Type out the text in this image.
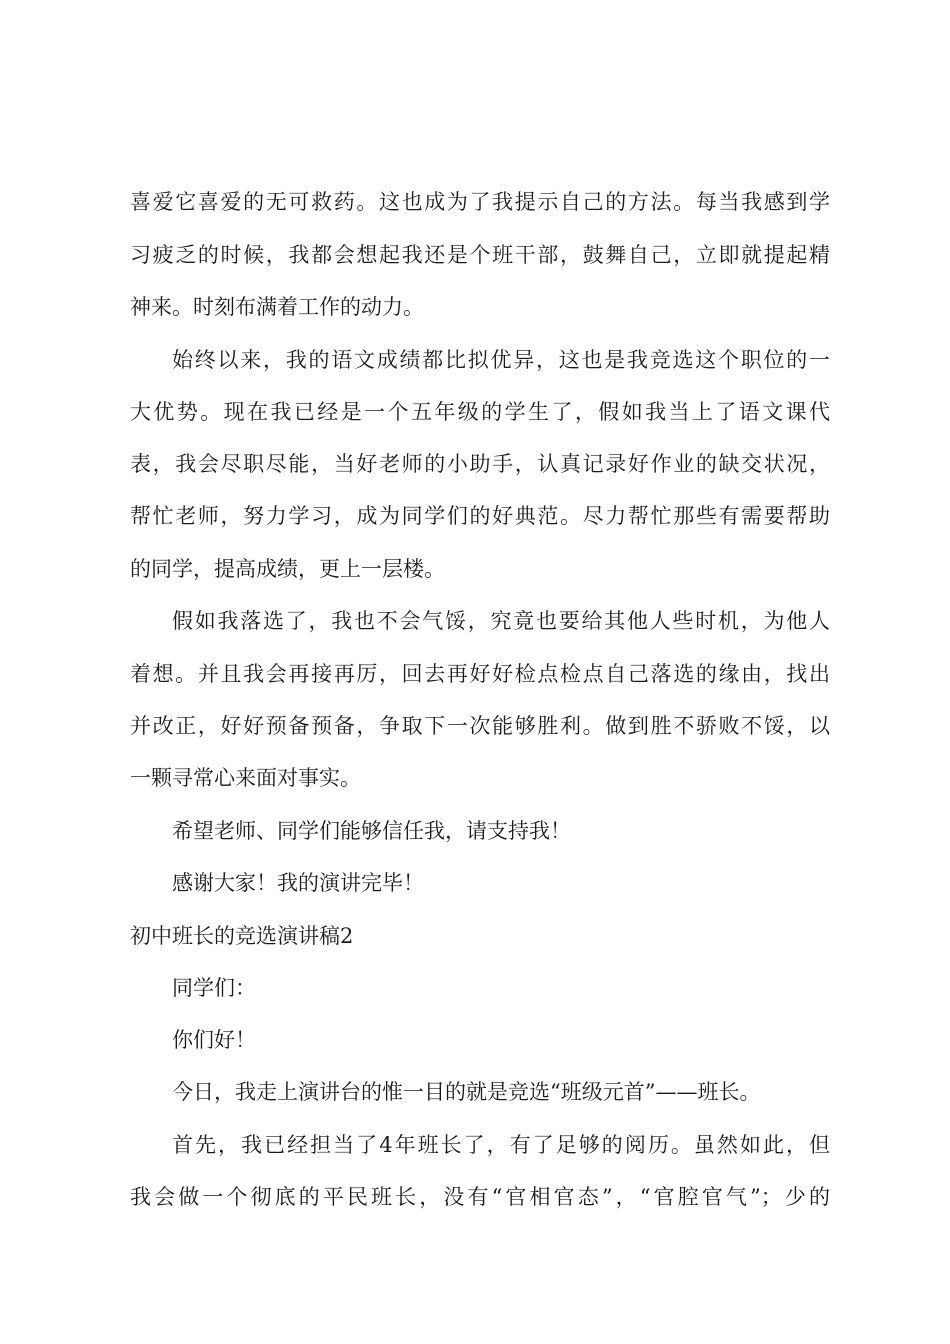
喜爱它喜爱的无可救药。这也成为了我提示自己的方法。每当我感到学
习疲乏的时候，我都会想起我还是个班干部，鼓舞自己，立即就提起精
神来。时刻布满着工作的动力。
始终以来，我的语文成绩都比拟优异，这也是我竞选这个职位的一
大优势。现在我已经是一个五年级的学生了，假如我当上了语文课代
表，我会尽职尽能，当好老师的小助手，认真记录好作业的缺交状况，
帮忙老师，努力学习，成为同学们的好典范。尽力帮忙那些有需要帮助
的同学，提高成绩，更上一层楼。
假如我落选了，我也不会气馁，究竟也要给其他人些时机，为他人
着想。并且我会再接再厉，回去再好好检点检点自己落选的缘由，找出
并改正，好好预备预备，争取下一次能够胜利。做到胜不骄败不馁，以
一颗寻常心来面对事实。
希望老师、同学们能够信任我，请支持我！
感谢大家！我的演讲完毕！
初中班长的竞选演讲稿2
同学们：
你们好！
今日，我走上演讲台的惟一目的就是竞选“班级元首”——班长。
首先，我已经担当了4年班长了，有了足够的阅历。虽然如此，但
我会做一个彻底的平民班长，没有“官相官态”，“官腔官气”；少的
